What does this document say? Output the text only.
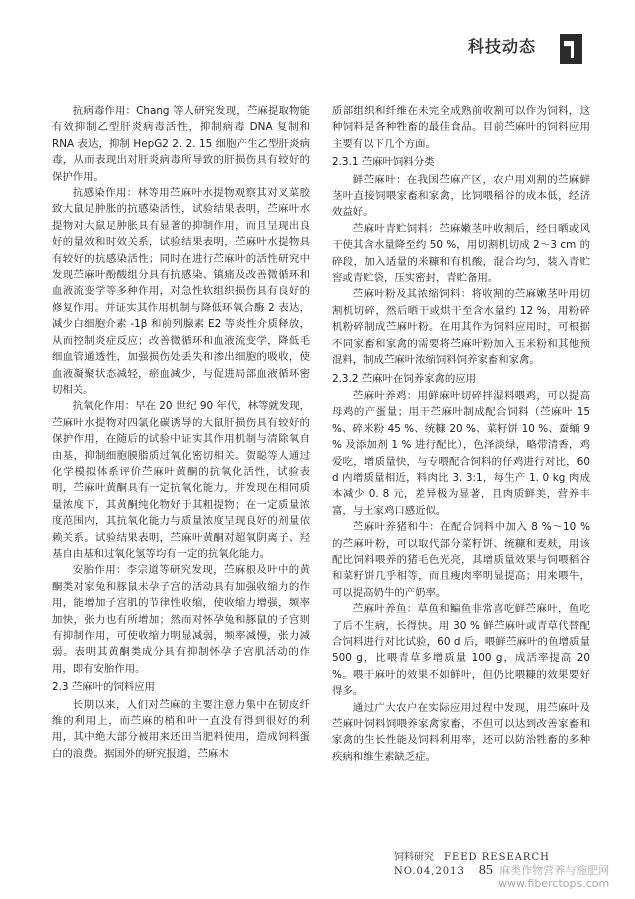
科技动态

抗病毒作用：Chang 等人研究发现，苎麻提取物能有效抑制乙型肝炎病毒活性，抑制病毒 DNA 复制和 RNA 表达，抑制 HepG2 2. 2. 15 细胞产生乙型肝炎病毒，从而表现出对肝炎病毒所导致的肝损伤具有较好的保护作用。

抗感染作用：林等用苎麻叶水提物观察其对叉菜胶致大鼠足肿胀的抗感染活性，试验结果表明，苎麻叶水提物对大鼠足肿胀具有显著的抑制作用，而且呈现出良好的量效和时效关系，试验结果表明，苎麻叶水提物具有较好的抗感染活性；同时在进行苎麻叶的活性研究中发现苎麻叶酚酸组分具有抗感染、镇痛及改善微循环和血液流变学等多种作用，对急性软组织损伤具有良好的修复作用。并证实其作用机制与降低环氧合酶 2 表达，减少白细胞介素 -1β 和前列腺素 E2 等炎性介质释放，从而控制炎症反应；改善微循环和血液流变学，降低毛细血管通透性，加强损伤处丢失和渗出细胞的吸收，使血液凝聚状态减轻，瘀血减少，与促进局部血液循环密切相关。

抗氧化作用：早在 20 世纪 90 年代，林等就发现，苎麻叶水提物对四氯化碳诱导的大鼠肝损伤具有较好的保护作用，在随后的试验中证实其作用机制与清除氧自由基，抑制细胞膜脂质过氧化密切相关。贺聪等人通过化学模拟体系评价苎麻叶黄酮的抗氧化活性，试验表明，苎麻叶黄酮具有一定抗氧化能力，并发现在相同质量浓度下，其黄酮纯化物好于其粗提物；在一定质量浓度范围内，其抗氧化能力与质量浓度呈现良好的剂量依赖关系。试验结果表明，苎麻叶黄酮对超氧阴离子、羟基自由基和过氧化氢等均有一定的抗氧化能力。

安胎作用：李宗道等研究发现，苎麻根及叶中的黄酮类对家兔和豚鼠未孕子宫的活动具有加强收缩力的作用，能增加子宫肌的节律性收缩，使收缩力增强，频率加快，张力也有所增加；然而对怀孕兔和豚鼠的子宫则有抑制作用，可使收缩力明显减弱，频率减慢，张力减弱。表明其黄酮类成分具有抑制怀孕子宫肌活动的作用，即有安胎作用。

2.3 苎麻叶的饲料应用

长期以来，人们对苎麻的主要注意力集中在韧皮纤维的利用上，而苎麻的梢和叶一直没有得到很好的利用，其中绝大部分被用来还田当肥料使用，造成饲料蛋白的浪费。据国外的研究报道，苎麻木

质部组织和纤维在未完全成熟前收割可以作为饲料，这种饲料是各种牲畜的最佳食品。目前苎麻叶的饲料应用主要有以下几个方面。

2.3.1 苎麻叶饲料分类

鲜苎麻叶：在我国苎麻产区，农户用刈割的苎麻鲜茎叶直接饲喂家畜和家禽，比饲喂稻谷的成本低，经济效益好。

苎麻叶青贮饲料：苎麻嫩茎叶收割后，经日晒或风干使其含水量降至约 50 %，用切割机切成 2～3 cm 的碎段，加入适量的米糠和有机酸，混合均匀，装入青贮窖或青贮袋，压实密封，青贮备用。

苎麻叶粉及其浓缩饲料：将收割的苎麻嫩茎叶用切割机切碎，然后晒干或烘干至含水量约 12 %，用粉碎机粉碎制成苎麻叶粉。在用其作为饲料应用时，可根据不同家畜和家禽的需要将苎麻叶粉加入玉米粉和其他预混料，制成苎麻叶浓缩饲料饲养家畜和家禽。

2.3.2 苎麻叶在饲养家禽的应用

苎麻叶养鸡：用鲜麻叶切碎拌湿料喂鸡，可以提高母鸡的产蛋量；用干苎麻叶制成配合饲料（苎麻叶 15 %、碎米粉 45 %、统糠 20 %、菜籽饼 10 %、蚕蛹 9 % 及添加剂 1 % 进行配比），色泽淡绿，略带清香，鸡爱吃，增质量快，与专喂配合饲料的仔鸡进行对比，60 d 内增质量相近，料肉比 3. 3:1，每生产 1. 0 kg 肉成本减少 0. 8 元，差异极为显著，且肉质鲜美，营养丰富，与土家鸡口感近似。

苎麻叶养猪和牛：在配合饲料中加入 8 %～10 % 的苎麻叶粉，可以取代部分菜籽饼、统糠和麦麸，用该配比饲料喂养的猪毛色光亮，其增质量效果与饲喂稻谷和菜籽饼几乎相等，而且瘦肉率明显提高；用来喂牛，可以提高奶牛的产奶率。

苎麻叶养鱼：草鱼和鳊鱼非常喜吃鲜苎麻叶，鱼吃了后不生病，长得快。用 30 % 鲜苎麻叶或青草代替配合饲料进行对比试验，60 d 后，喂鲜苎麻叶的鱼增质量 500 g，比喂青草多增质量 100 g，成活率提高 20 %。喂干麻叶的效果不如鲜叶，但仍比喂糠的效果要好得多。

通过广大农户在实际应用过程中发现，用苎麻叶及苎麻叶饲料饲喂养家禽家畜，不但可以达到改善家畜和家禽的生长性能及饲料利用率，还可以防治牲畜的多种疾病和维生素缺乏症。

饲料研究 FEED RESEARCH NO.04,2013 85 麻类作物营养与施肥网
www.fiberctops.com
